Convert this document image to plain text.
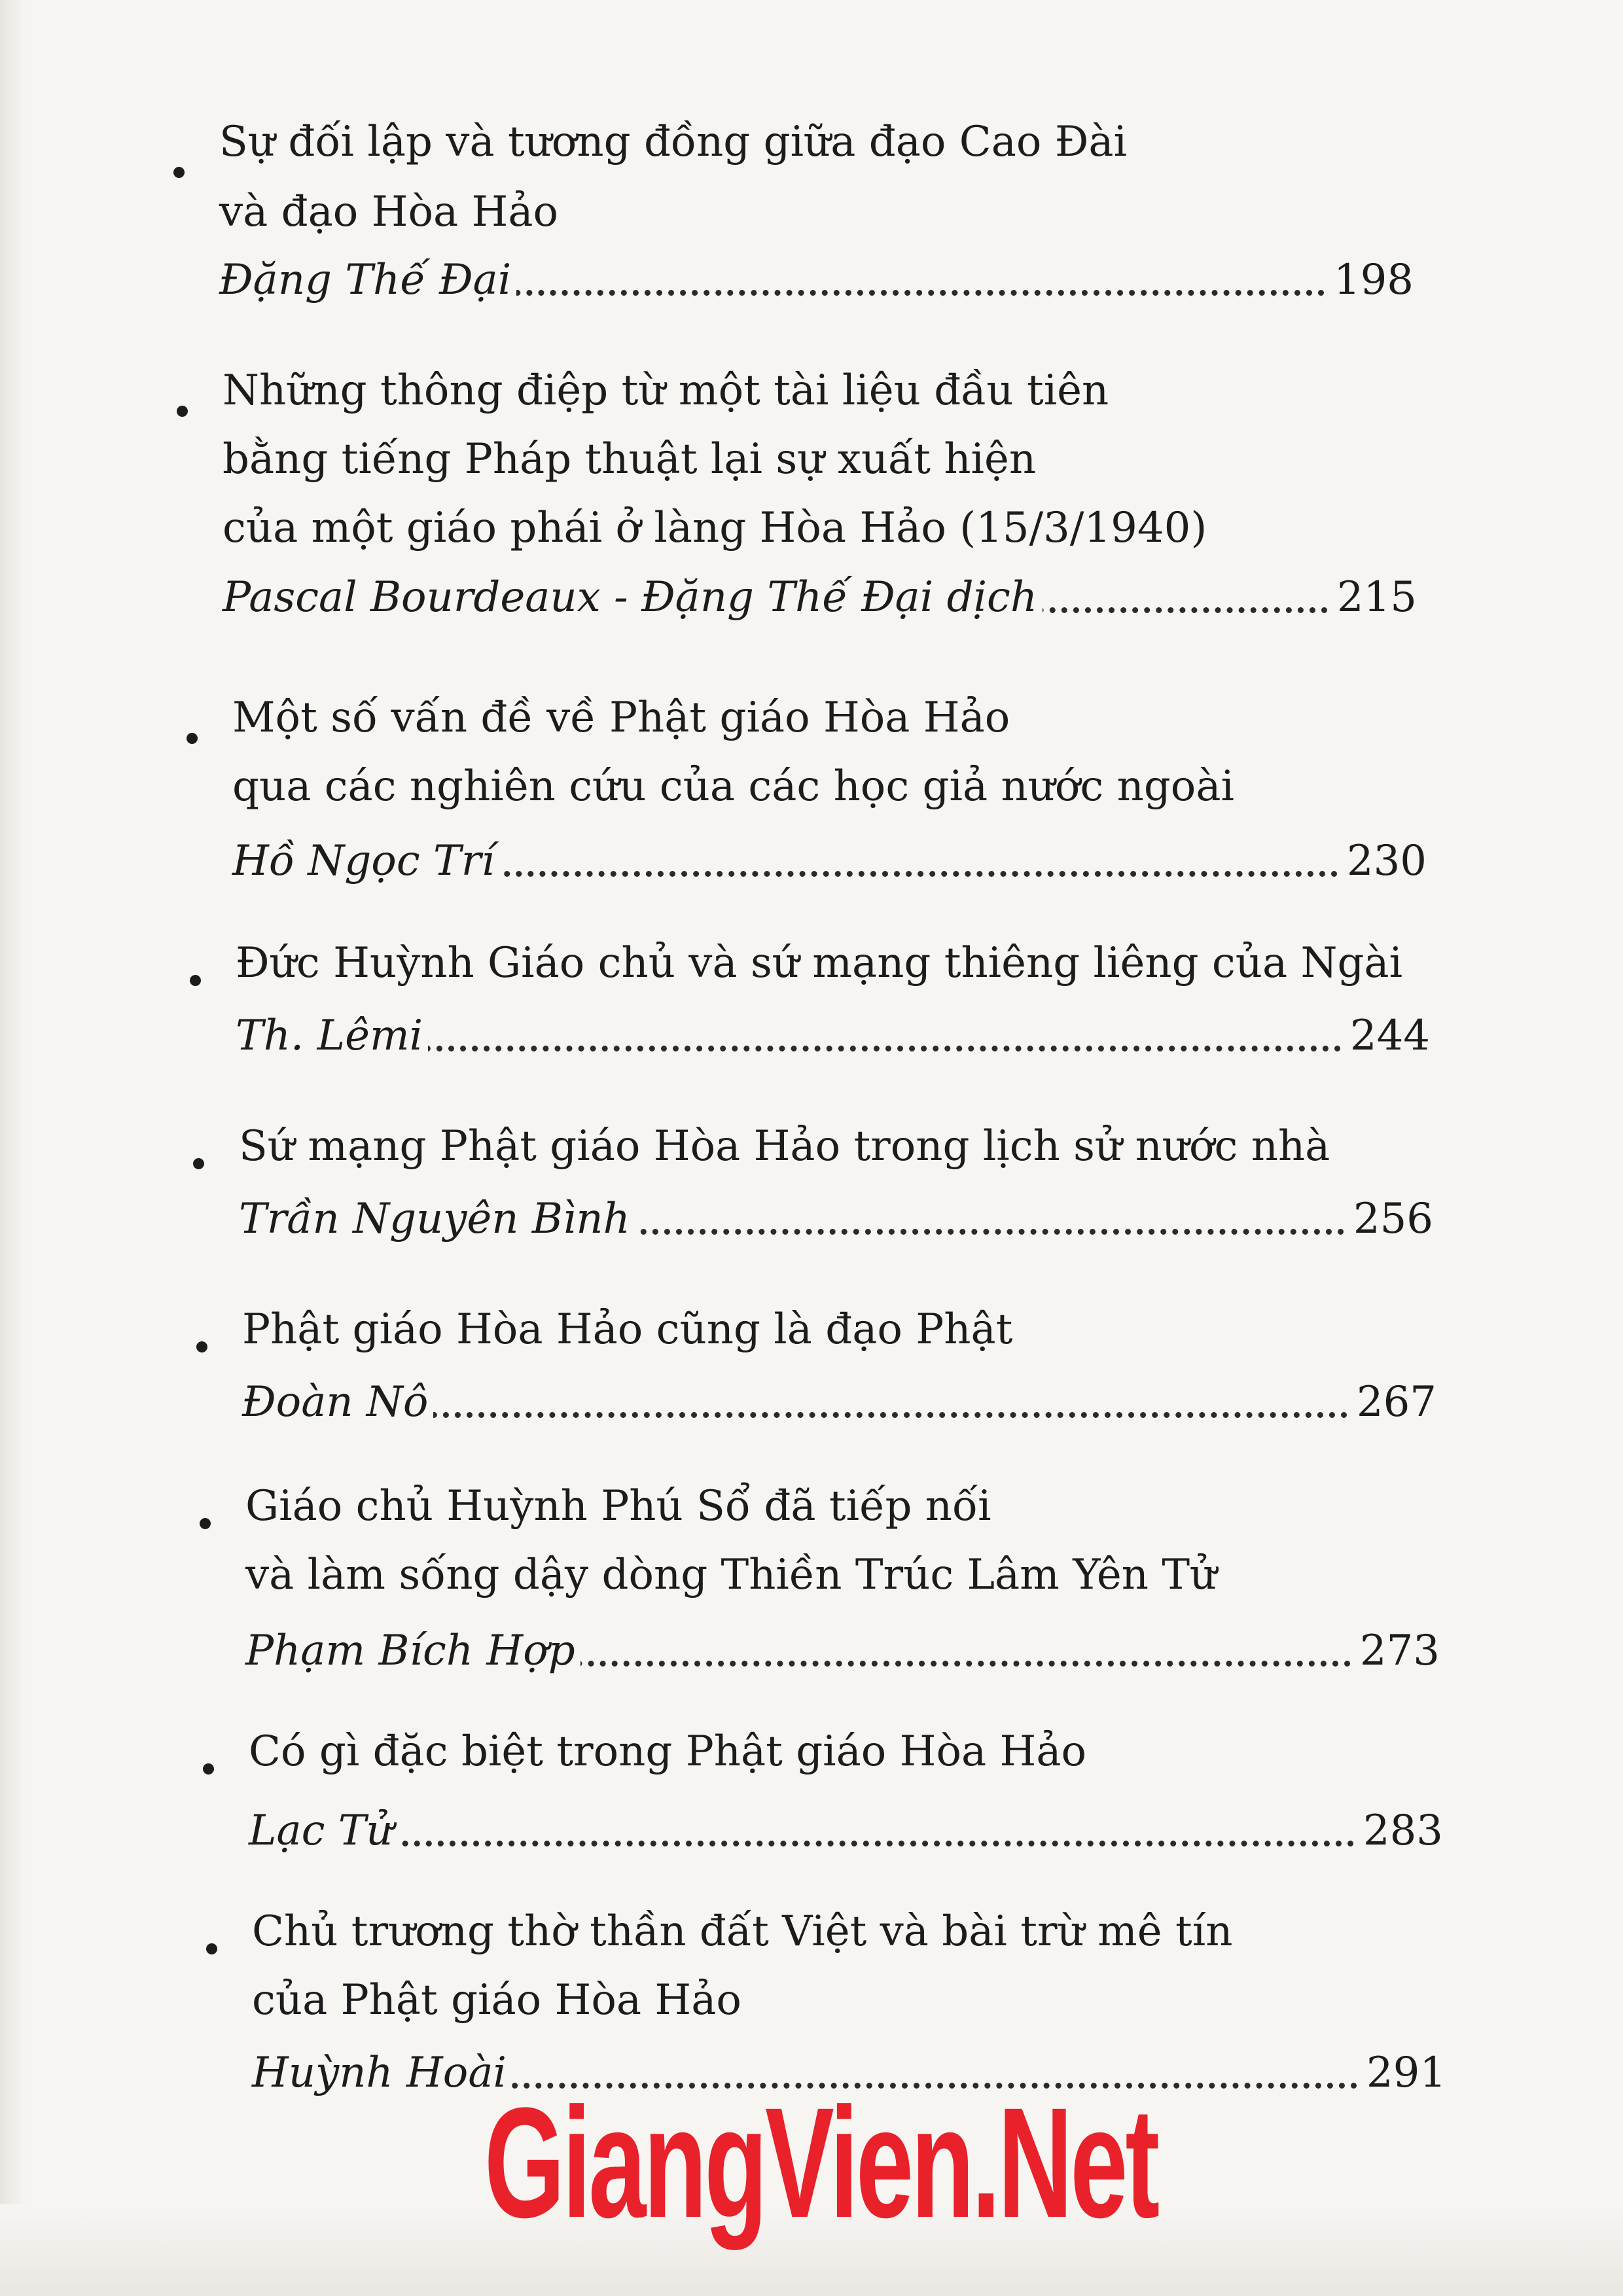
Sự đối lập và tương đồng giữa đạo Cao Đài
và đạo Hòa Hảo
Đặng Thế Đại	198
Những thông điệp từ một tài liệu đầu tiên
bằng tiếng Pháp thuật lại sự xuất hiện
của một giáo phái ở làng Hòa Hảo (15/3/1940)
Pascal Bourdeaux - Đặng Thế Đại dịch	215
Một số vấn đề về Phật giáo Hòa Hảo
qua các nghiên cứu của các học giả nước ngoài
Hồ Ngọc Trí	230
Đức Huỳnh Giáo chủ và sứ mạng thiêng liêng của Ngài
Th. Lêmi	244
Sứ mạng Phật giáo Hòa Hảo trong lịch sử nước nhà
Trần Nguyên Bình	256
Phật giáo Hòa Hảo cũng là đạo Phật
Đoàn Nô	267
Giáo chủ Huỳnh Phú Sổ đã tiếp nối
và làm sống dậy dòng Thiền Trúc Lâm Yên Tử
Phạm Bích Hợp	273
Có gì đặc biệt trong Phật giáo Hòa Hảo
Lạc Tử	283
Chủ trương thờ thần đất Việt và bài trừ mê tín
của Phật giáo Hòa Hảo
Huỳnh Hoài	291
GiangVien.Net
